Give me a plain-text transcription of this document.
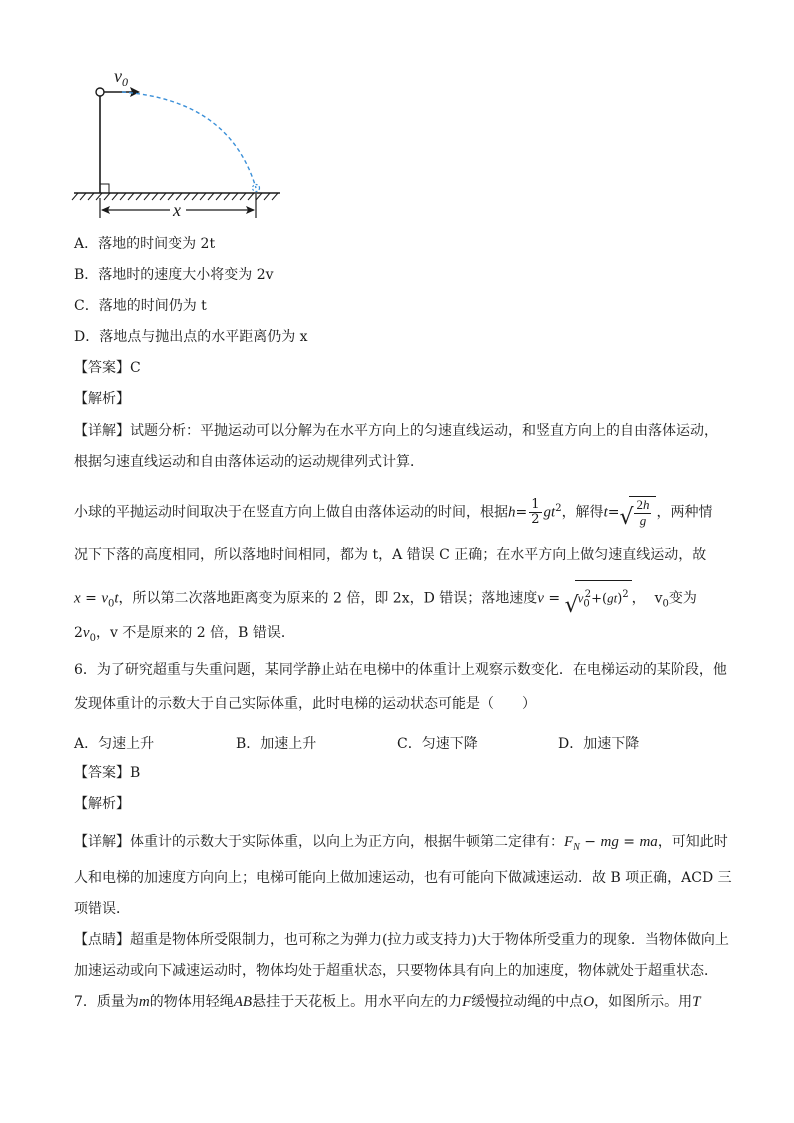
$v_0$
x
A．落地的时间变为 2t
B．落地时的速度大小将变为 2v
C．落地的时间仍为 t
D．落地点与抛出点的水平距离仍为 x
【答案】C
【解析】
【详解】试题分析：平抛运动可以分解为在水平方向上的匀速直线运动，和竖直方向上的自由落体运动，
根据匀速直线运动和自由落体运动的运动规律列式计算．
小球的平抛运动时间取决于在竖直方向上做自由落体运动的时间，根据$h= \frac{1}{2} gt^2$，解得t= √ $\frac{2h}{g}$ ，两种情
况下下落的高度相同，所以落地时间相同，都为 t，A 错误 C 正确；在水平方向上做匀速直线运动，故
$x = v_0t$，所以第二次落地距离变为原来的 2 倍，即 2x，D 错误；落地速度v = √
$v_0^2+(gt)^2$ ， $v_0$变为
$2v_0$，v 不是原来的 2 倍，B 错误．
6．为了研究超重与失重问题，某同学静止站在电梯中的体重计上观察示数变化．在电梯运动的某阶段，他
发现体重计的示数大于自己实际体重，此时电梯的运动状态可能是（　　）
A．匀速上升	B．加速上升	C．匀速下降	D．加速下降
【答案】B
【解析】
【详解】体重计的示数大于实际体重，以向上为正方向，根据牛顿第二定律有：$F_N$ − mg = ma，可知此时
人和电梯的加速度方向向上；电梯可能向上做加速运动，也有可能向下做减速运动．故 B 项正确，ACD 三
项错误．
【点睛】超重是物体所受限制力，也可称之为弹力(拉力或支持力)大于物体所受重力的现象．当物体做向上
加速运动或向下减速运动时，物体均处于超重状态，只要物体具有向上的加速度，物体就处于超重状态．
7．质量为m的物体用轻绳AB悬挂于天花板上。用水平向左的力F缓慢拉动绳的中点O，如图所示。用T
